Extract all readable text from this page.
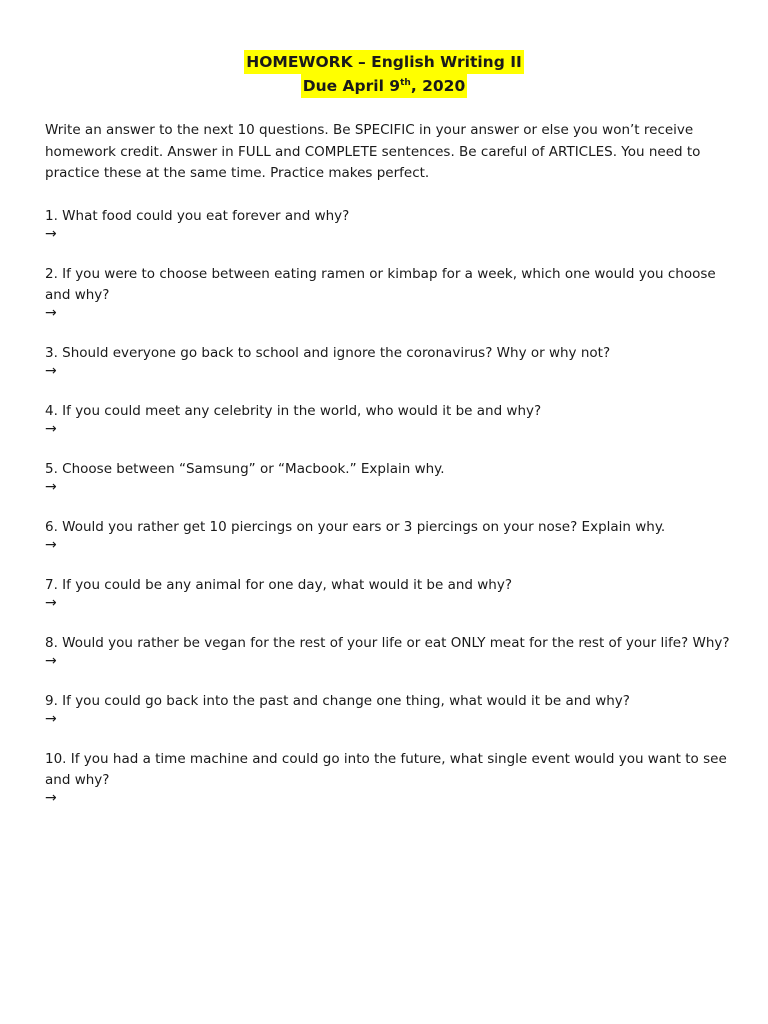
HOMEWORK – English Writing II
Due April 9th, 2020
Write an answer to the next 10 questions. Be SPECIFIC in your answer or else you won’t receive homework credit. Answer in FULL and COMPLETE sentences. Be careful of ARTICLES. You need to practice these at the same time. Practice makes perfect.
1. What food could you eat forever and why?
→
2. If you were to choose between eating ramen or kimbap for a week, which one would you choose and why?
→
3. Should everyone go back to school and ignore the coronavirus? Why or why not?
→
4. If you could meet any celebrity in the world, who would it be and why?
→
5. Choose between “Samsung” or “Macbook.” Explain why.
→
6. Would you rather get 10 piercings on your ears or 3 piercings on your nose? Explain why.
→
7. If you could be any animal for one day, what would it be and why?
→
8. Would you rather be vegan for the rest of your life or eat ONLY meat for the rest of your life? Why?
→
9. If you could go back into the past and change one thing, what would it be and why?
→
10. If you had a time machine and could go into the future, what single event would you want to see and why?
→
